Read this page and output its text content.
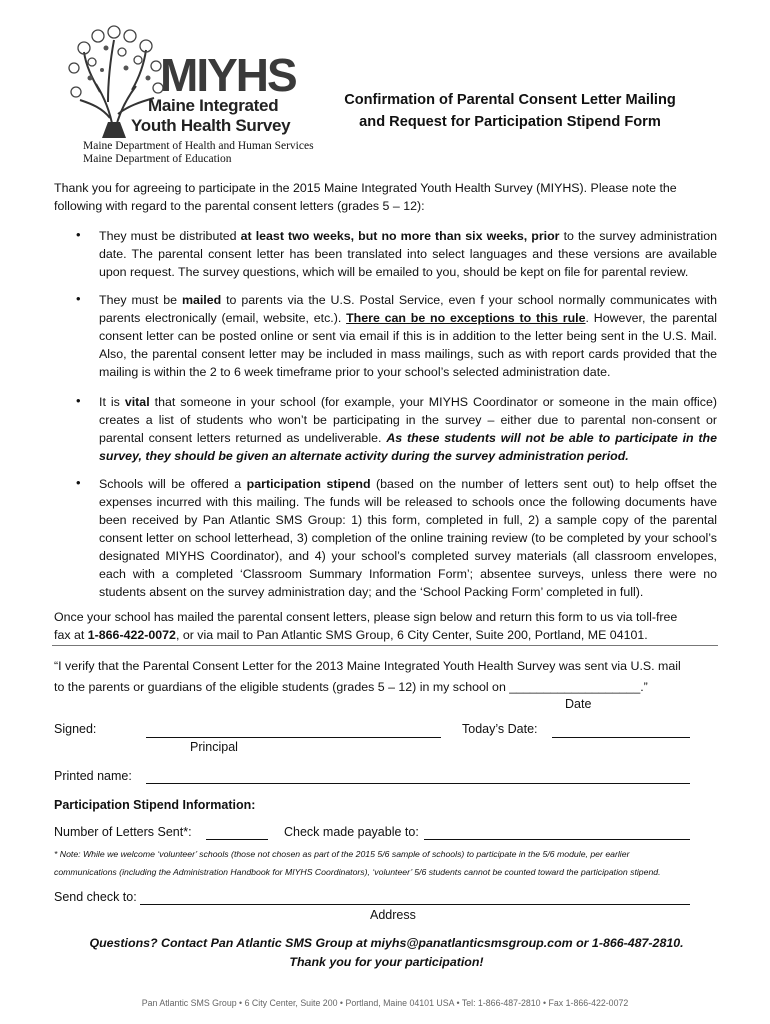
MIYHS
Maine Integrated
Youth Health Survey
Maine Department of Health and Human Services
Maine Department of Education
Confirmation of Parental Consent Letter Mailing
and Request for Participation Stipend Form
Thank you for agreeing to participate in the 2015 Maine Integrated Youth Health Survey (MIYHS). Please note the
following with regard to the parental consent letters (grades 5 – 12):
• They must be distributed at least two weeks, but no more than six weeks, prior to the survey administration date. The parental consent letter has been translated into select languages and these versions are available upon request. The survey questions, which will be emailed to you, should be kept on file for parental review.
• They must be mailed to parents via the U.S. Postal Service, even f your school normally communicates with parents electronically (email, website, etc.). There can be no exceptions to this rule. However, the parental consent letter can be posted online or sent via email if this is in addition to the letter being sent in the U.S. Mail. Also, the parental consent letter may be included in mass mailings, such as with report cards provided that the mailing is within the 2 to 6 week timeframe prior to your school’s selected administration date.
• It is vital that someone in your school (for example, your MIYHS Coordinator or someone in the main office) creates a list of students who won’t be participating in the survey – either due to parental non-consent or parental consent letters returned as undeliverable. As these students will not be able to participate in the survey, they should be given an alternate activity during the survey administration period.
• Schools will be offered a participation stipend (based on the number of letters sent out) to help offset the expenses incurred with this mailing. The funds will be released to schools once the following documents have been received by Pan Atlantic SMS Group: 1) this form, completed in full, 2) a sample copy of the parental consent letter on school letterhead, 3) completion of the online training review (to be completed by your school’s designated MIYHS Coordinator), and 4) your school’s completed survey materials (all classroom envelopes, each with a completed ‘Classroom Summary Information Form’; absentee surveys, unless there were no students absent on the survey administration day; and the ‘School Packing Form’ completed in full).
Once your school has mailed the parental consent letters, please sign below and return this form to us via toll-free
fax at 1-866-422-0072, or via mail to Pan Atlantic SMS Group, 6 City Center, Suite 200, Portland, ME 04101.
“I verify that the Parental Consent Letter for the 2013 Maine Integrated Youth Health Survey was sent via U.S. mail
to the parents or guardians of the eligible students (grades 5 – 12) in my school on ___________________.”
Date
Signed:
Principal
Today’s Date:
Printed name:
Participation Stipend Information:
Number of Letters Sent*:	Check made payable to:
* Note: While we welcome ‘volunteer’ schools (those not chosen as part of the 2015 5/6 sample of schools) to participate in the 5/6 module, per earlier
communications (including the Administration Handbook for MIYHS Coordinators), ‘volunteer’ 5/6 students cannot be counted toward the participation stipend.
Send check to:
Address
Questions? Contact Pan Atlantic SMS Group at miyhs@panatlanticsmsgroup.com or 1-866-487-2810.
Thank you for your participation!
Pan Atlantic SMS Group • 6 City Center, Suite 200 • Portland, Maine 04101 USA • Tel: 1-866-487-2810 • Fax 1-866-422-0072
